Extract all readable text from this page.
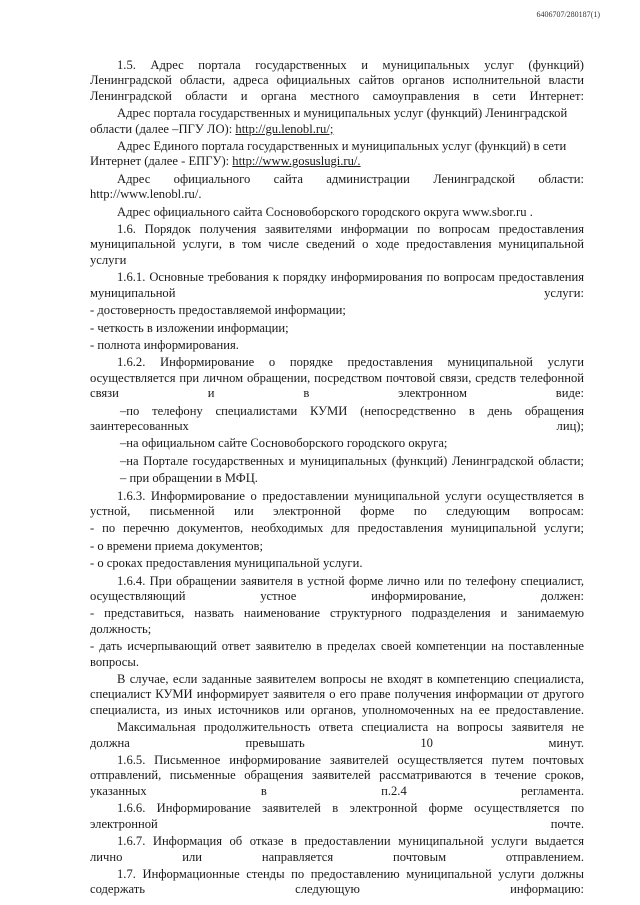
6406707/280187(1)

1.5. Адрес портала государственных и муниципальных услуг (функций) Ленинградской области, адреса официальных сайтов органов исполнительной власти Ленинградской области и органа местного самоуправления в сети Интернет:

Адрес портала государственных и муниципальных услуг (функций) Ленинградской области (далее –ПГУ ЛО): http://gu.lenobl.ru/;

Адрес Единого портала государственных и муниципальных услуг (функций) в сети Интернет (далее - ЕПГУ): http://www.gosuslugi.ru/.

Адрес официального сайта администрации Ленинградской области: http://www.lenobl.ru/.

Адрес официального сайта Сосновоборского городского округа www.sbor.ru .

1.6. Порядок получения заявителями информации по вопросам предоставления муниципальной услуги, в том числе сведений о ходе предоставления муниципальной услуги

1.6.1. Основные требования к порядку информирования по вопросам предоставления муниципальной услуги:

- достоверность предоставляемой информации;

- четкость в изложении информации;

- полнота информирования.

1.6.2. Информирование о порядке предоставления муниципальной услуги осуществляется при личном обращении, посредством почтовой связи, средств телефонной связи и в электронном виде:

–по телефону специалистами КУМИ (непосредственно в день обращения заинтересованных лиц);

–на официальном сайте Сосновоборского городского округа;

–на Портале государственных и муниципальных (функций) Ленинградской области;

– при обращении в МФЦ.

1.6.3. Информирование о предоставлении муниципальной услуги осуществляется в устной, письменной или электронной форме по следующим вопросам:

- по перечню документов, необходимых для предоставления муниципальной услуги;

- о времени приема документов;

- о сроках предоставления муниципальной услуги.

1.6.4. При обращении заявителя в устной форме лично или по телефону специалист, осуществляющий устное информирование, должен:

- представиться, назвать наименование структурного подразделения и занимаемую должность;

- дать исчерпывающий ответ заявителю в пределах своей компетенции на поставленные вопросы.

В случае, если заданные заявителем вопросы не входят в компетенцию специалиста, специалист КУМИ информирует заявителя о его праве получения информации от другого специалиста, из иных источников или органов, уполномоченных на ее предоставление.

Максимальная продолжительность ответа специалиста на вопросы заявителя не должна превышать 10 минут.

1.6.5. Письменное информирование заявителей осуществляется путем почтовых отправлений, письменные обращения заявителей рассматриваются в течение сроков, указанных в п.2.4 регламента.

1.6.6. Информирование заявителей в электронной форме осуществляется по электронной почте.

1.6.7. Информация об отказе в предоставлении муниципальной услуги выдается лично или направляется почтовым отправлением.

1.7. Информационные стенды по предоставлению муниципальной услуги должны содержать следующую информацию:
